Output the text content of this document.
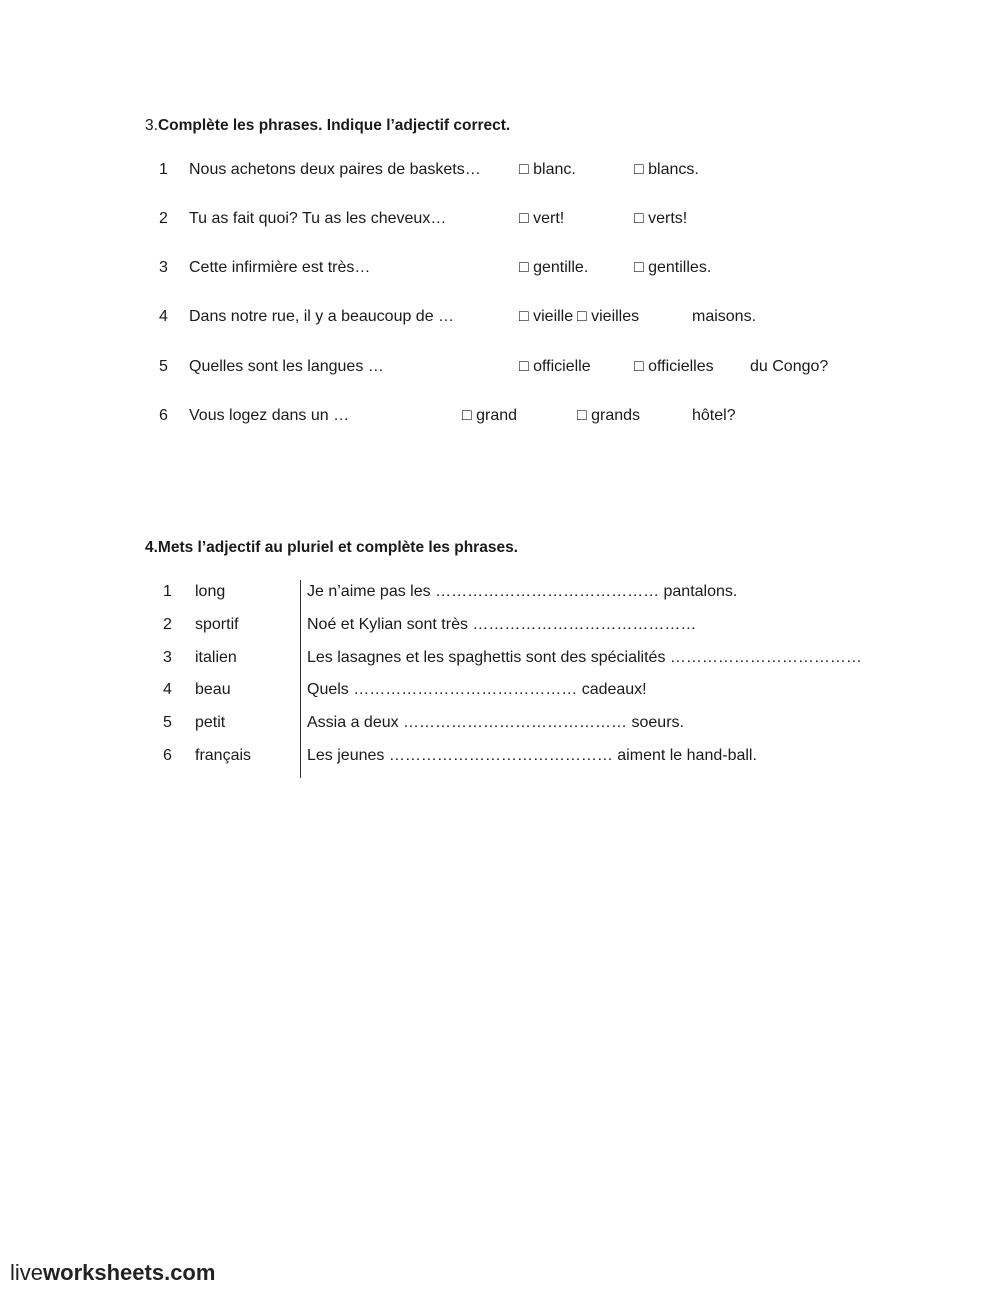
3.Complète les phrases. Indique l’adjectif correct.
1 Nous achetons deux paires de baskets… □ blanc.	□ blancs.
2 Tu as fait quoi? Tu as les cheveux…	□ vert!	□ verts!
3 Cette infirmière est très…	□ gentille.	□ gentilles.
4 Dans notre rue, il y a beaucoup de …	□ vieille □ vieilles	maisons.
5 Quelles sont les langues …	□ officielle	□ officielles du Congo?
6 Vous logez dans un …	□ grand	□ grands	hôtel?
4.Mets l’adjectif au pluriel et complète les phrases.
1 long	Je n’aime pas les …………………………………… pantalons.
2 sportif	Noé et Kylian sont très ……………………………………
3 italien	Les lasagnes et les spaghettis sont des spécialités ………………………………
4 beau	Quels …………………………………… cadeaux!
5 petit	Assia a deux …………………………………… soeurs.
6 français	Les jeunes …………………………………… aiment le hand-ball.
liveworksheets.com
